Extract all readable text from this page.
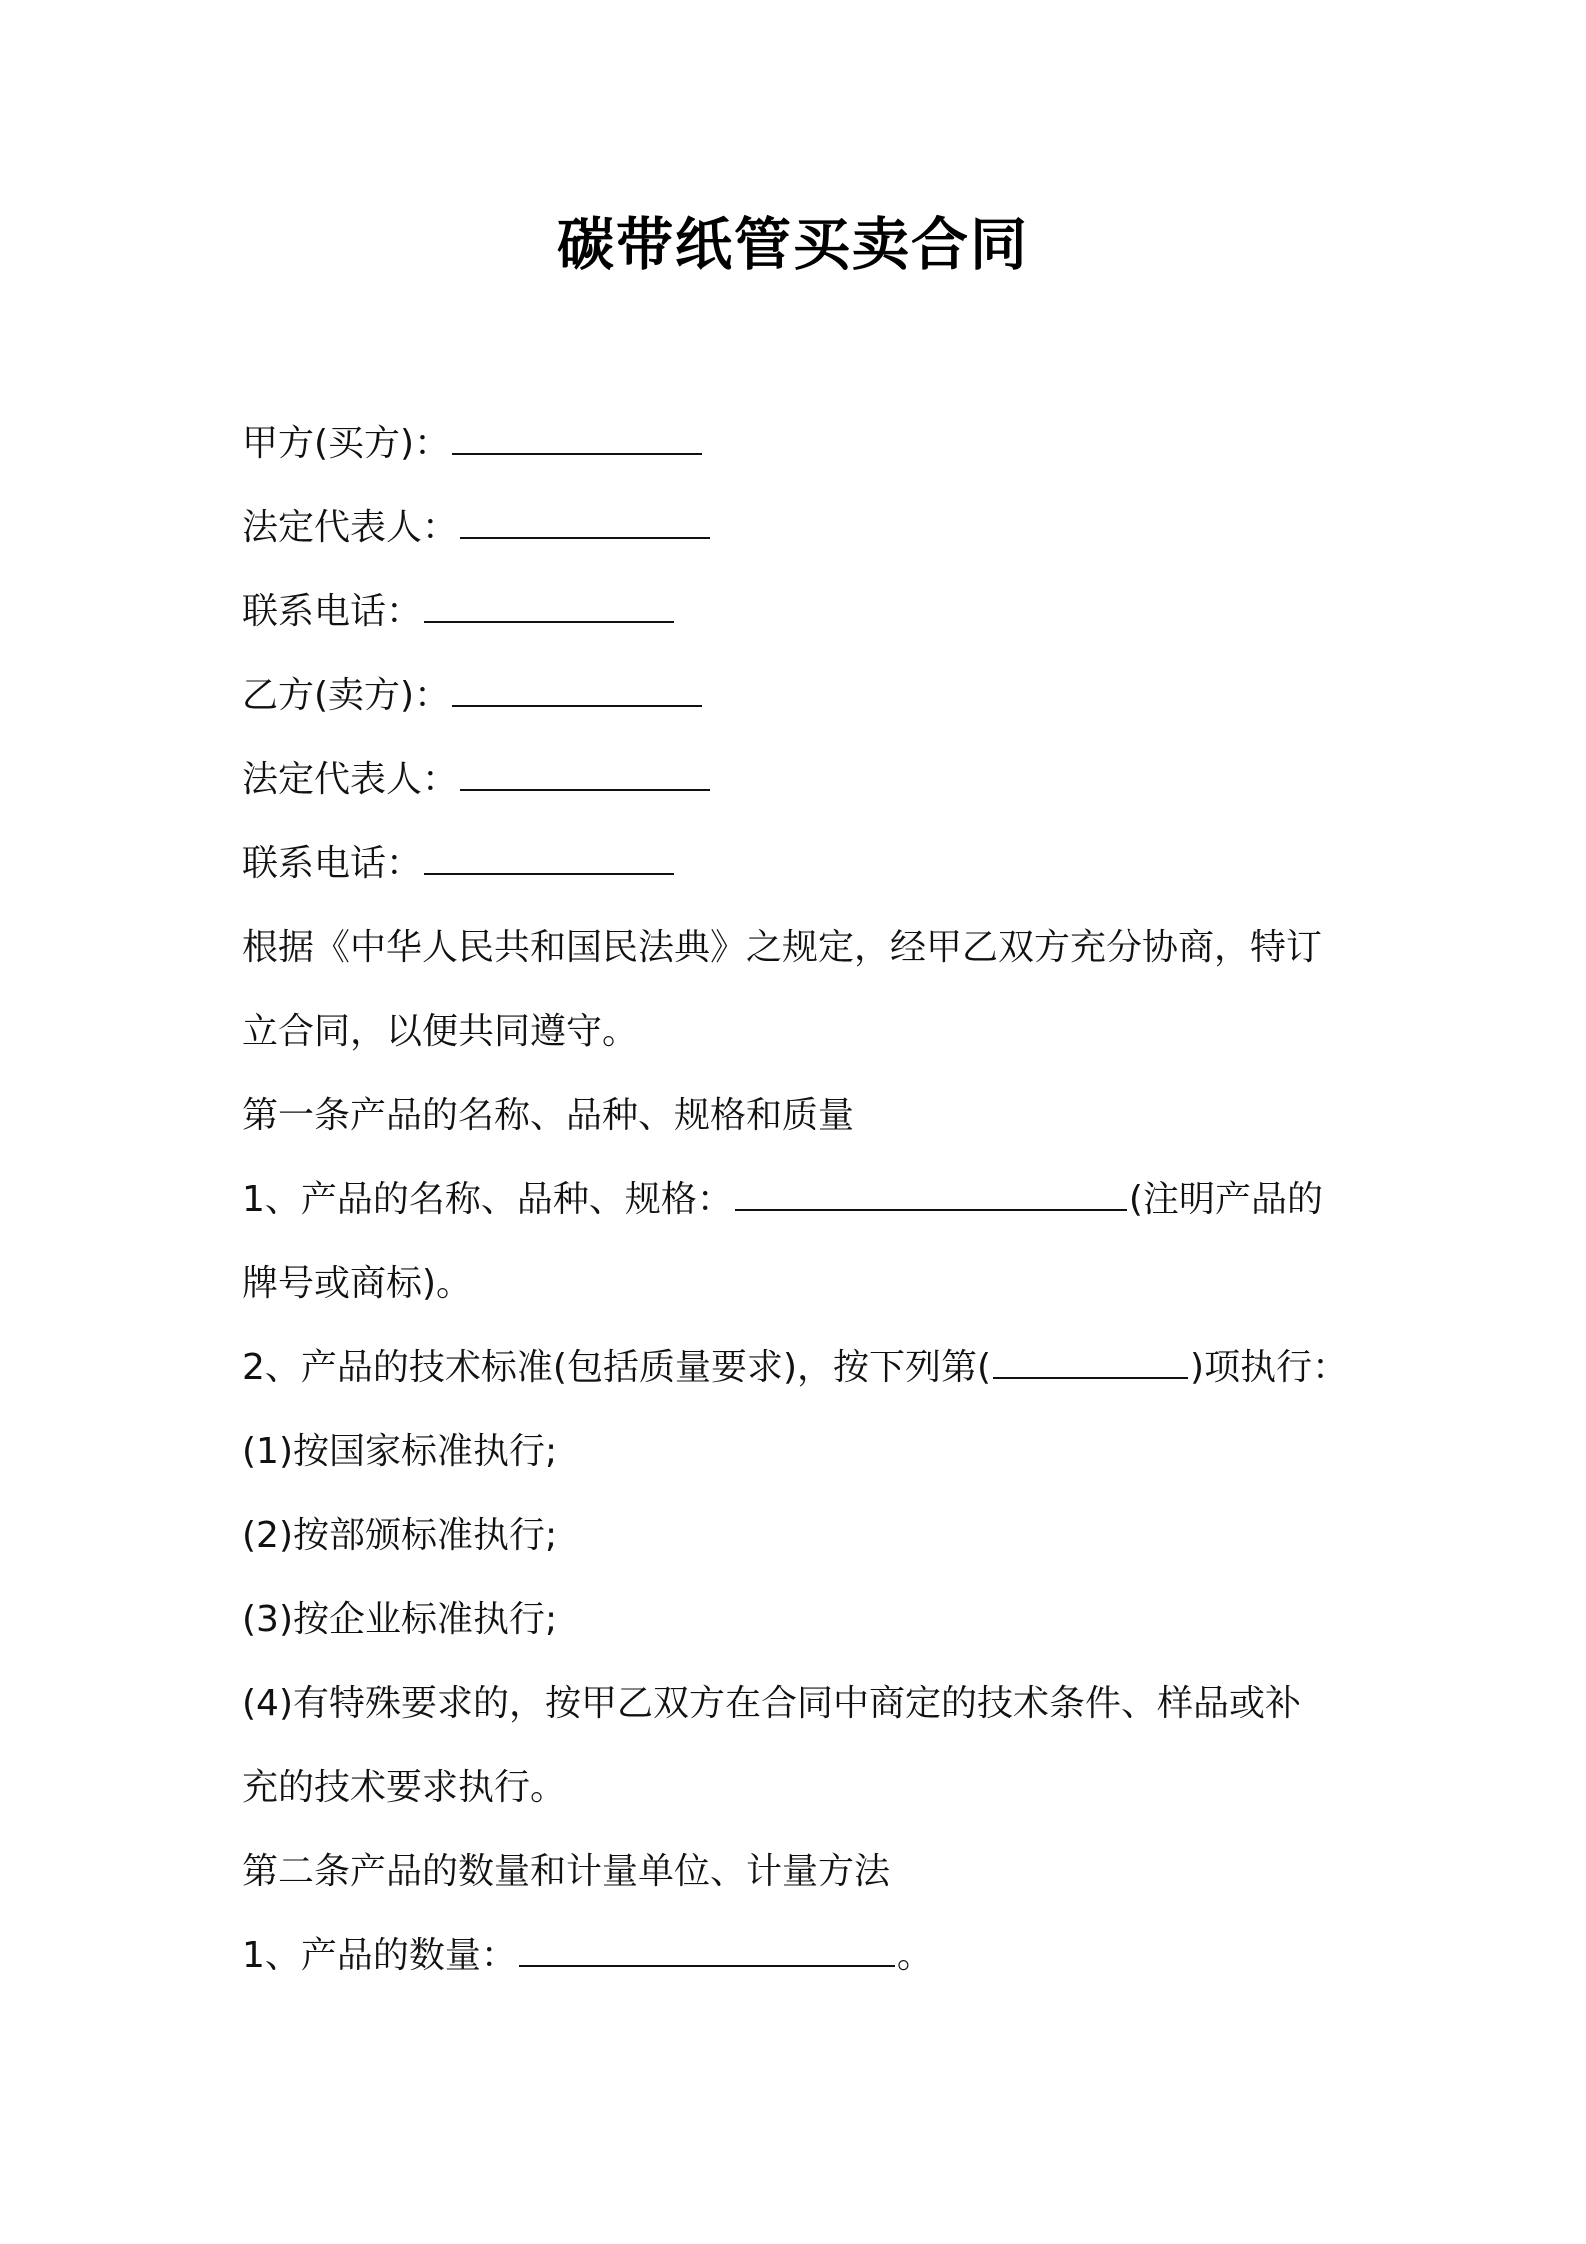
碳带纸管买卖合同
甲方(买方)：
法定代表人：
联系电话：
乙方(卖方)：
法定代表人：
联系电话：
根据《中华人民共和国民法典》之规定，经甲乙双方充分协商，特订
立合同，以便共同遵守。
第一条产品的名称、品种、规格和质量
1、产品的名称、品种、规格：	(注明产品的
牌号或商标)。
2、产品的技术标准(包括质量要求)，按下列第(	)项执行：
(1)按国家标准执行;
(2)按部颁标准执行;
(3)按企业标准执行;
(4)有特殊要求的，按甲乙双方在合同中商定的技术条件、样品或补
充的技术要求执行。
第二条产品的数量和计量单位、计量方法
1、产品的数量：	。
